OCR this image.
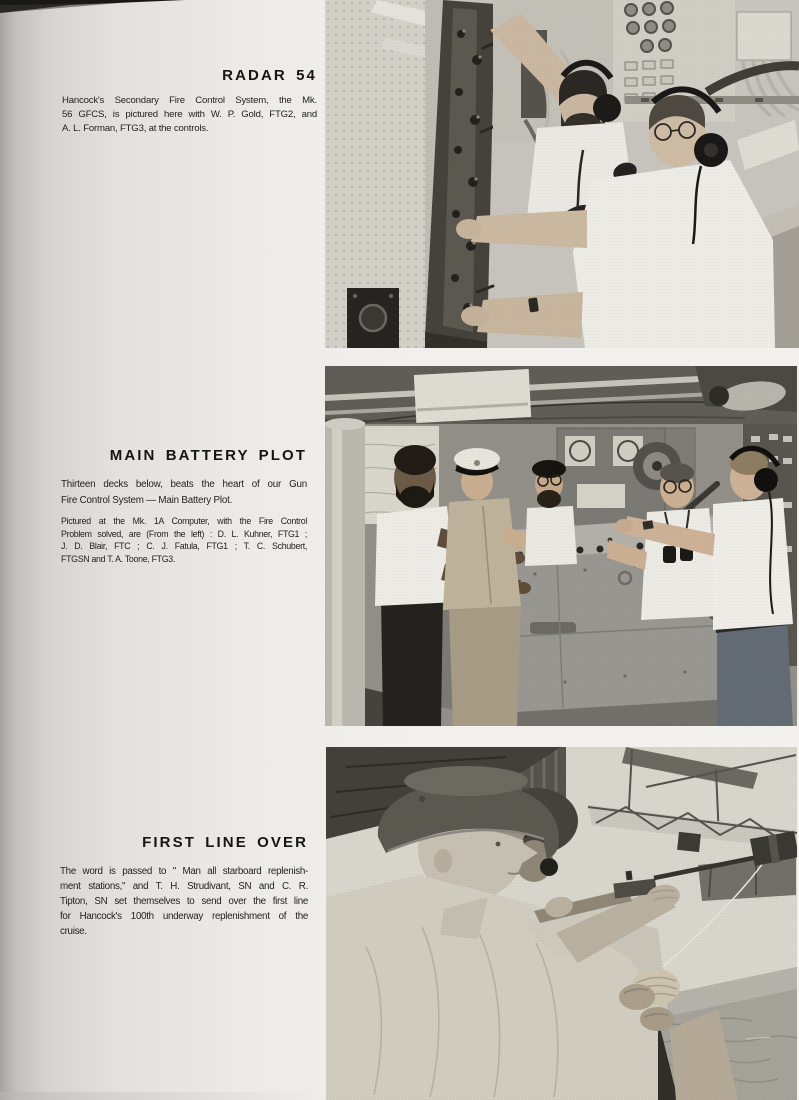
RADAR 54
Hancock's Secondary Fire Control System, the Mk.
56 GFCS, is pictured here with W. P. Gold, FTG2, and
A. L. Forman, FTG3, at the controls.
MAIN BATTERY PLOT
Thirteen decks below, beats the heart of our Gun
Fire Control System — Main Battery Plot.
Pictured at the Mk. 1A Computer, with the Fire Control
Problem solved, are (From the left) : D. L. Kuhner, FTG1 ;
J. D. Blair, FTC ; C. J. Fatula, FTG1 ; T. C. Schubert,
FTGSN and T. A. Toone, FTG3.
FIRST LINE OVER
The word is passed to " Man all starboard replenish-
ment stations," and T. H. Strudivant, SN and C. R.
Tipton, SN set themselves to send over the first line
for Hancock's 100th underway replenishment of the
cruise.
